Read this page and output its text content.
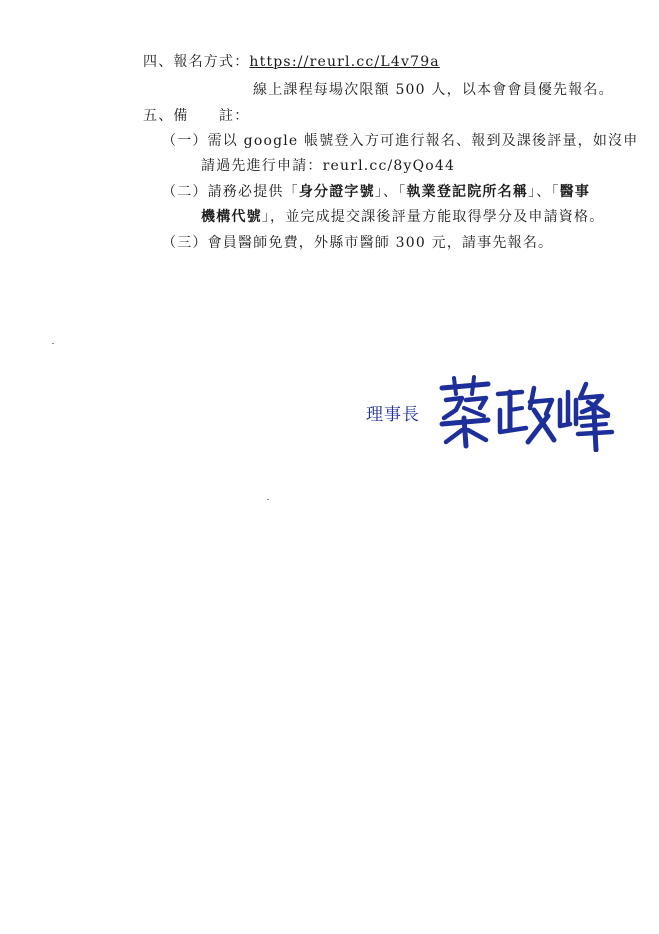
四、報名方式：https://reurl.cc/L4v79a
線上課程每場次限額 500 人，以本會會員優先報名。
五、備　　註：
（一）需以 google 帳號登入方可進行報名、報到及課後評量，如沒申
請過先進行申請：reurl.cc/8yQo44
（二）請務必提供「身分證字號」、「執業登記院所名稱」、「醫事
機構代號」，並完成提交課後評量方能取得學分及申請資格。
（三）會員醫師免費，外縣市醫師 300 元，請事先報名。
理事長
